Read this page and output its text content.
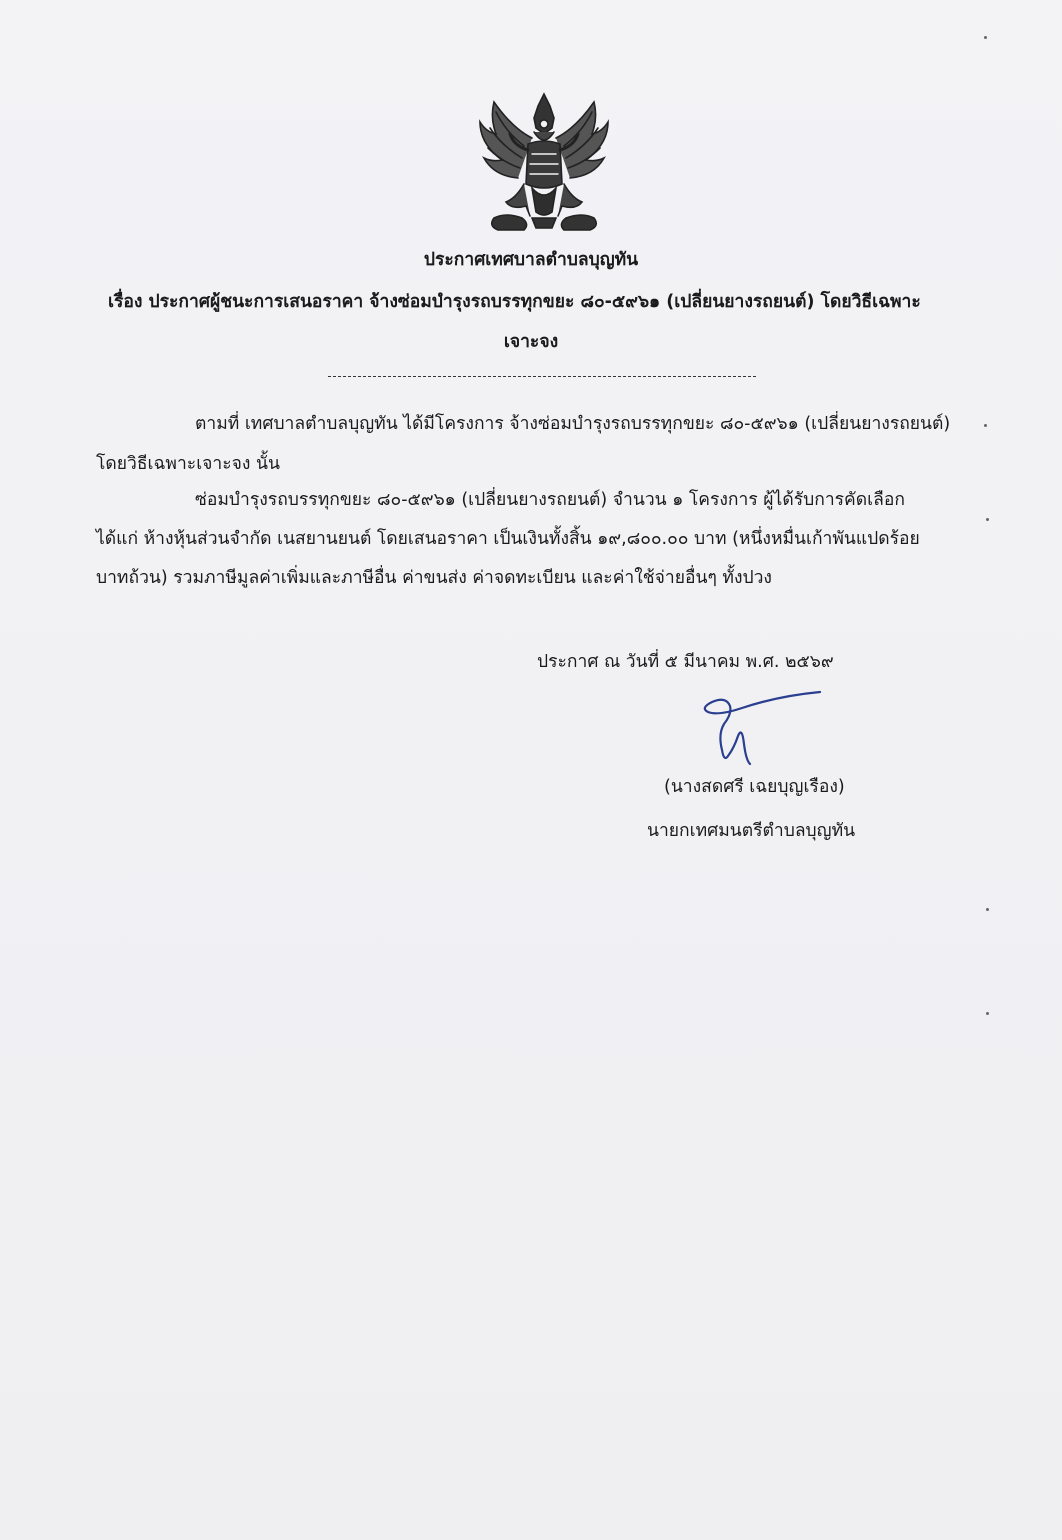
ประกาศเทศบาลตำบลบุญทัน
เรื่อง ประกาศผู้ชนะการเสนอราคา จ้างซ่อมบำรุงรถบรรทุกขยะ ๘๐-๕๙๖๑ (เปลี่ยนยางรถยนต์) โดยวิธีเฉพาะ
เจาะจง
ตามที่ เทศบาลตำบลบุญทัน ได้มีโครงการ จ้างซ่อมบำรุงรถบรรทุกขยะ ๘๐-๕๙๖๑ (เปลี่ยนยางรถยนต์)
โดยวิธีเฉพาะเจาะจง นั้น
ซ่อมบำรุงรถบรรทุกขยะ ๘๐-๕๙๖๑ (เปลี่ยนยางรถยนต์) จำนวน ๑ โครงการ ผู้ได้รับการคัดเลือก
ได้แก่ ห้างหุ้นส่วนจำกัด เนสยานยนต์ โดยเสนอราคา เป็นเงินทั้งสิ้น ๑๙,๘๐๐.๐๐ บาท (หนึ่งหมื่นเก้าพันแปดร้อย
บาทถ้วน) รวมภาษีมูลค่าเพิ่มและภาษีอื่น ค่าขนส่ง ค่าจดทะเบียน และค่าใช้จ่ายอื่นๆ ทั้งปวง
ประกาศ ณ วันที่ ๕ มีนาคม พ.ศ. ๒๕๖๙
(นางสดศรี เฉยบุญเรือง)
นายกเทศมนตรีตำบลบุญทัน
